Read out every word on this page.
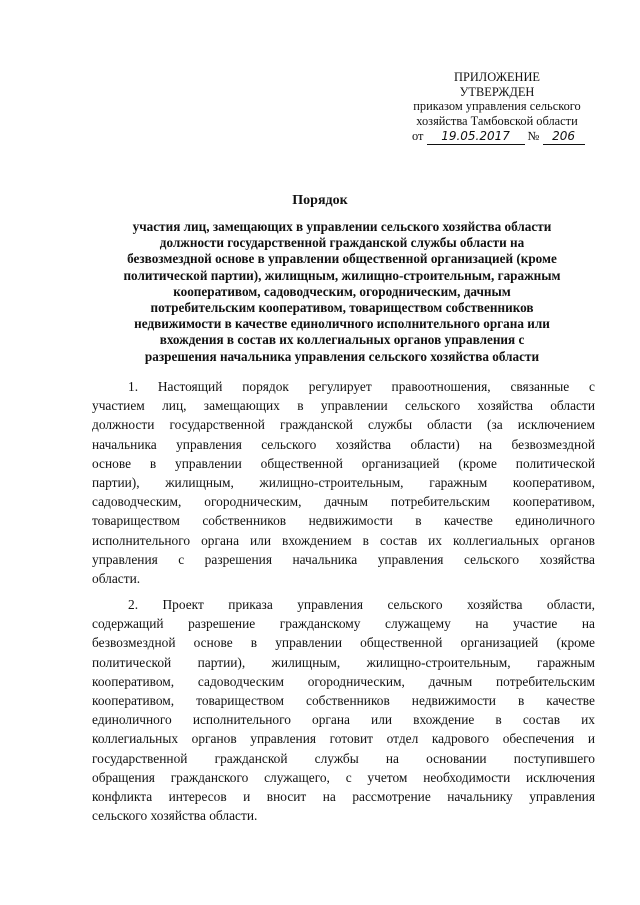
ПРИЛОЖЕНИЕ
УТВЕРЖДЕН
приказом управления сельского
хозяйства Тамбовской области
от 19.05.2017 № 206
Порядок
участия лиц, замещающих в управлении сельского хозяйства области
должности государственной гражданской службы области на
безвозмездной основе в управлении общественной организацией (кроме
политической партии), жилищным, жилищно-строительным, гаражным
кооперативом, садоводческим, огородническим, дачным
потребительским кооперативом, товариществом собственников
недвижимости в качестве единоличного исполнительного органа или
вхождения в состав их коллегиальных органов управления с
разрешения начальника управления сельского хозяйства области
1. Настоящий порядок регулирует правоотношения, связанные с
участием лиц, замещающих в управлении сельского хозяйства области
должности государственной гражданской службы области (за исключением
начальника управления сельского хозяйства области) на безвозмездной
основе в управлении общественной организацией (кроме политической
партии), жилищным, жилищно-строительным, гаражным кооперативом,
садоводческим, огородническим, дачным потребительским кооперативом,
товариществом собственников недвижимости в качестве единоличного
исполнительного органа или вхождением в состав их коллегиальных органов
управления с разрешения начальника управления сельского хозяйства
области.
2. Проект приказа управления сельского хозяйства области,
содержащий разрешение гражданскому служащему на участие на
безвозмездной основе в управлении общественной организацией (кроме
политической партии), жилищным, жилищно-строительным, гаражным
кооперативом, садоводческим огородническим, дачным потребительским
кооперативом, товариществом собственников недвижимости в качестве
единоличного исполнительного органа или вхождение в состав их
коллегиальных органов управления готовит отдел кадрового обеспечения и
государственной гражданской службы на основании поступившего
обращения гражданского служащего, с учетом необходимости исключения
конфликта интересов и вносит на рассмотрение начальнику управления
сельского хозяйства области.
